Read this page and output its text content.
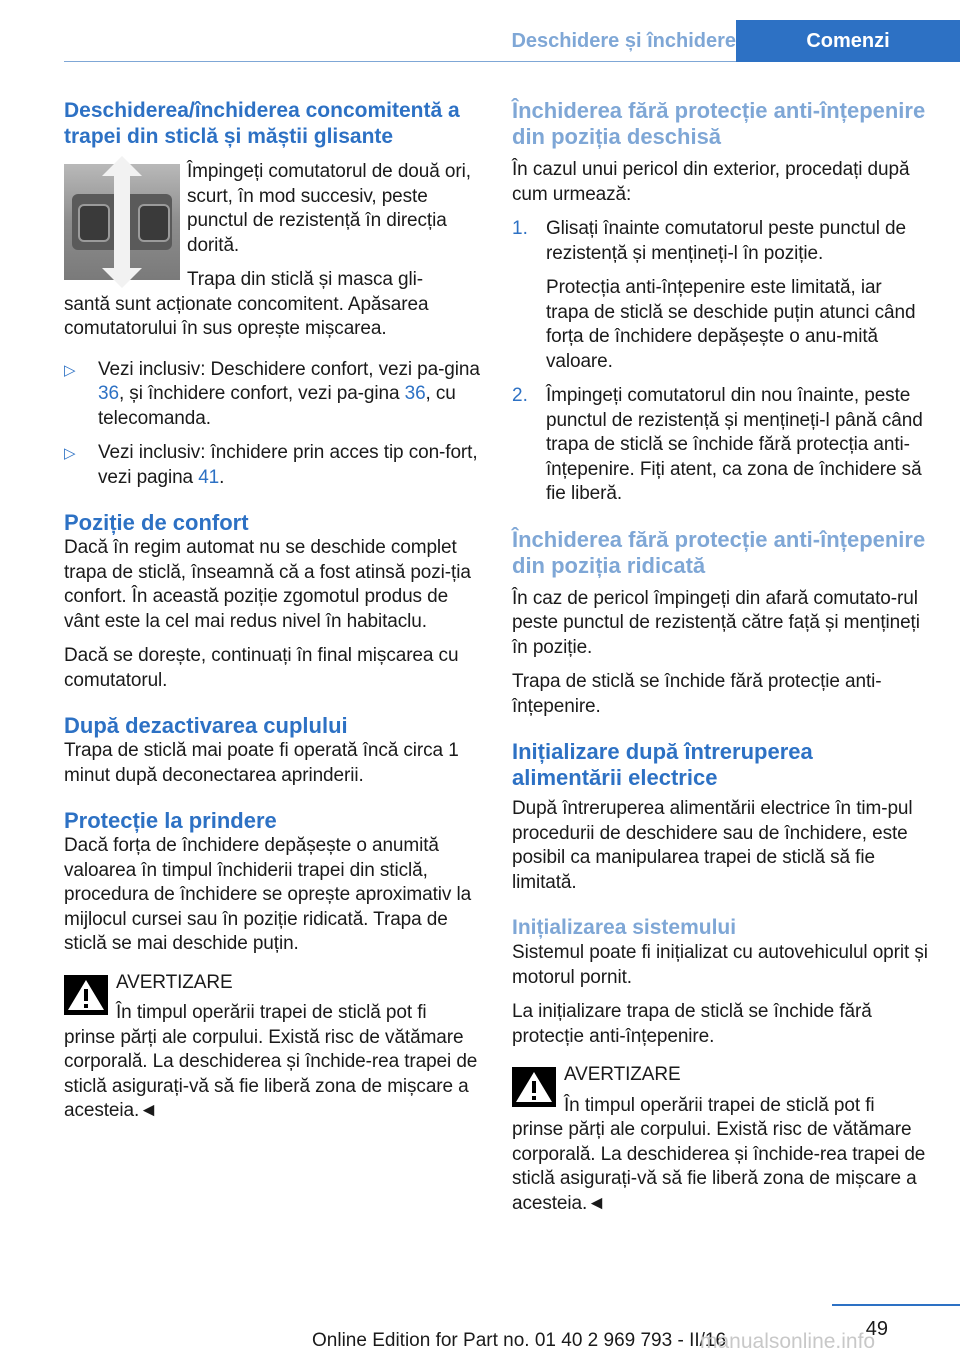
Deschidere și închidere	Comenzi
Deschiderea/închiderea concomitentă a trapei din sticlă și măștii glisante

Împingeți comutatorul de două ori, scurt, în mod succesiv, peste punctul de rezistență în direcția dorită.

Trapa din sticlă și masca gli-

santă sunt acționate concomitent. Apăsarea comutatorului în sus oprește mișcarea.

▷	Vezi inclusiv: Deschidere confort, vezi pa-gina 36, și închidere confort, vezi pa-gina 36, cu telecomanda.

▷	Vezi inclusiv: închidere prin acces tip con-fort, vezi pagina 41.

Poziție de confort

Dacă în regim automat nu se deschide complet trapa de sticlă, înseamnă că a fost atinsă pozi-ția confort. În această poziție zgomotul produs de vânt este la cel mai redus nivel în habitaclu.

Dacă se dorește, continuați în final mișcarea cu comutatorul.

După dezactivarea cuplului

Trapa de sticlă mai poate fi operată încă circa 1 minut după deconectarea aprinderii.

Protecție la prindere

Dacă forța de închidere depășește o anumită valoarea în timpul închiderii trapei din sticlă, procedura de închidere se oprește aproximativ la mijlocul cursei sau în poziție ridicată. Trapa de sticlă se mai deschide puțin.

AVERTIZARE

În timpul operării trapei de sticlă pot fi

prinse părți ale corpului. Există risc de vătămare corporală. La deschiderea și închide-rea trapei de sticlă asigurați-vă să fie liberă zona de mișcare a acesteia.◄

Închiderea fără protecție anti-înțepenire din poziția deschisă

În cazul unui pericol din exterior, procedați după cum urmează:

1. Glisați înainte comutatorul peste punctul de rezistență și mențineți-l în poziție.

Protecția anti-înțepenire este limitată, iar trapa de sticlă se deschide puțin atunci când forța de închidere depășește o anu-mită valoare.

2. Împingeți comutatorul din nou înainte, peste punctul de rezistență și mențineți-l până când trapa de sticlă se închide fără protecția anti-înțepenire. Fiți atent, ca zona de închidere să fie liberă.

Închiderea fără protecție anti-înțepenire din poziția ridicată

În caz de pericol împingeți din afară comutato-rul peste punctul de rezistență către față și mențineți în poziție.

Trapa de sticlă se închide fără protecție anti-înțepenire.

Inițializare după întreruperea alimentării electrice

După întreruperea alimentării electrice în tim-pul procedurii de deschidere sau de închidere, este posibil ca manipularea trapei de sticlă să fie limitată.

Inițializarea sistemului

Sistemul poate fi inițializat cu autovehiculul oprit și motorul pornit.

La inițializare trapa de sticlă se închide fără protecție anti-înțepenire.

AVERTIZARE

În timpul operării trapei de sticlă pot fi

prinse părți ale corpului. Există risc de vătămare corporală. La deschiderea și închide-rea trapei de sticlă asigurați-vă să fie liberă zona de mișcare a acesteia.◄

49
Online Edition for Part no. 01 40 2 969 793 - II/16
manualsonline.info
